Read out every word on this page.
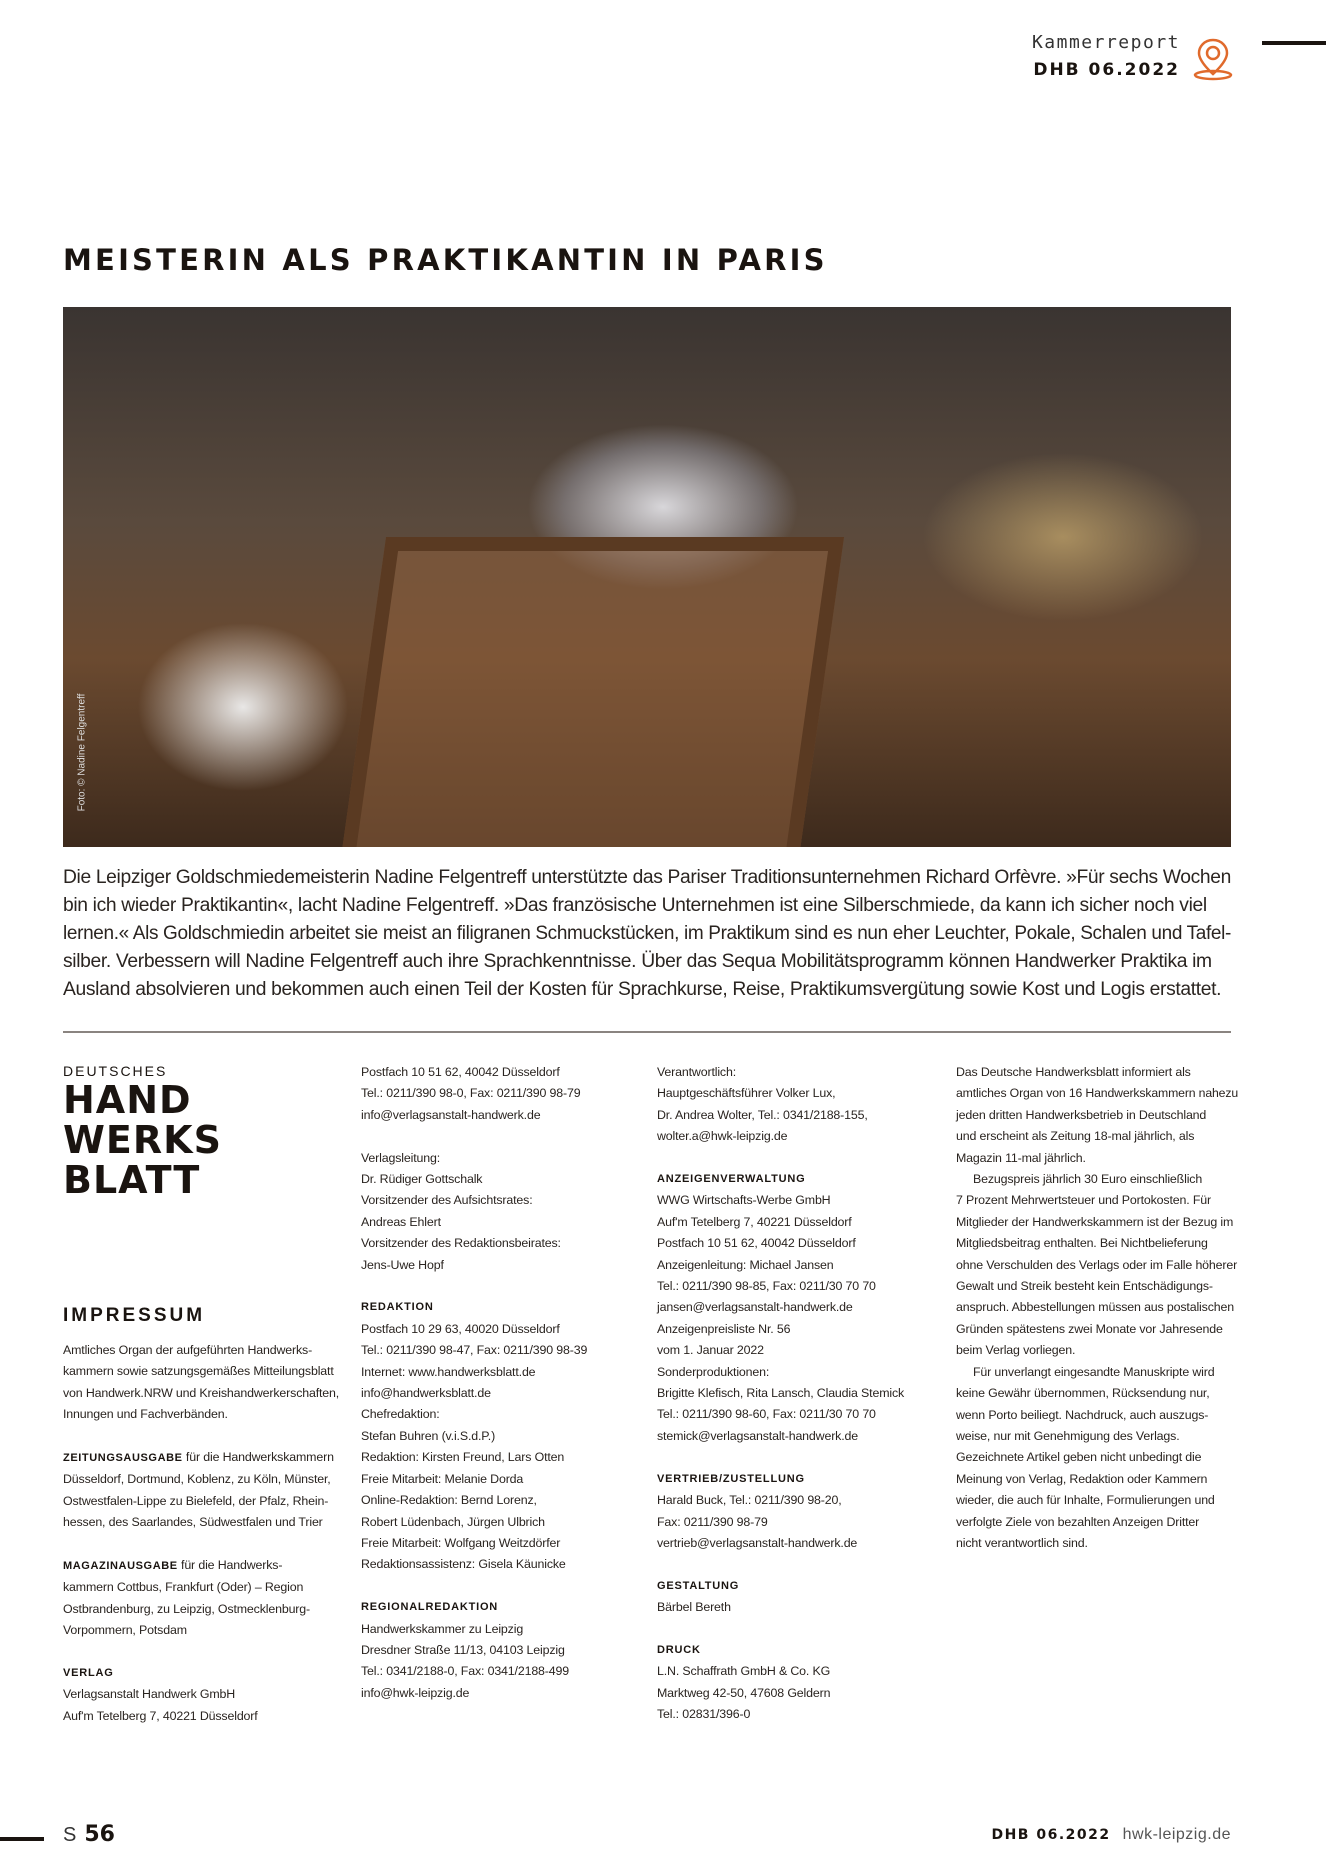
Kammerreport
DHB 06.2022
MEISTERIN ALS PRAKTIKANTIN IN PARIS
Foto: © Nadine Felgentreff
Die Leipziger Goldschmiedemeisterin Nadine Felgentreff unterstützte das Pariser Traditionsunternehmen Richard Orfèvre. »Für sechs Wochen
bin ich wieder Praktikantin«, lacht Nadine Felgentreff. »Das französische Unternehmen ist eine Silberschmiede, da kann ich sicher noch viel
lernen.« Als Goldschmiedin arbeitet sie meist an filigranen Schmuckstücken, im Praktikum sind es nun eher Leuchter, Pokale, Schalen und Tafel-
silber. Verbessern will Nadine Felgentreff auch ihre Sprachkenntnisse. Über das Sequa Mobilitätsprogramm können Handwerker Praktika im
Ausland absolvieren und bekommen auch einen Teil der Kosten für Sprachkurse, Reise, Praktikumsvergütung sowie Kost und Logis erstattet.
DEUTSCHES
HAND
WERKS
BLATT
IMPRESSUM
Amtliches Organ der aufgeführten Handwerks-
kammern sowie satzungsgemäßes Mitteilungsblatt
von Handwerk.NRW und Kreishandwerkerschaften,
Innungen und Fachverbänden.
ZEITUNGSAUSGABE für die Handwerkskammern
Düsseldorf, Dortmund, Koblenz, zu Köln, Münster,
Ostwestfalen-Lippe zu Bielefeld, der Pfalz, Rhein-
hessen, des Saarlandes, Südwestfalen und Trier
MAGAZINAUSGABE für die Handwerks-
kammern Cottbus, Frankfurt (Oder) – Region
Ostbrandenburg, zu Leipzig, Ostmecklenburg-
Vorpommern, Potsdam
VERLAG
Verlagsanstalt Handwerk GmbH
Auf'm Tetelberg 7, 40221 Düsseldorf
Postfach 10 51 62, 40042 Düsseldorf
Tel.: 0211/390 98-0, Fax: 0211/390 98-79
info@verlagsanstalt-handwerk.de
Verlagsleitung:
Dr. Rüdiger Gottschalk
Vorsitzender des Aufsichtsrates:
Andreas Ehlert
Vorsitzender des Redaktionsbeirates:
Jens-Uwe Hopf
REDAKTION
Postfach 10 29 63, 40020 Düsseldorf
Tel.: 0211/390 98-47, Fax: 0211/390 98-39
Internet: www.handwerksblatt.de
info@handwerksblatt.de
Chefredaktion:
Stefan Buhren (v.i.S.d.P.)
Redaktion: Kirsten Freund, Lars Otten
Freie Mitarbeit: Melanie Dorda
Online-Redaktion: Bernd Lorenz,
Robert Lüdenbach, Jürgen Ulbrich
Freie Mitarbeit: Wolfgang Weitzdörfer
Redaktionsassistenz: Gisela Käunicke
REGIONALREDAKTION
Handwerkskammer zu Leipzig
Dresdner Straße 11/13, 04103 Leipzig
Tel.: 0341/2188-0, Fax: 0341/2188-499
info@hwk-leipzig.de
Verantwortlich:
Hauptgeschäftsführer Volker Lux,
Dr. Andrea Wolter, Tel.: 0341/2188-155,
wolter.a@hwk-leipzig.de
ANZEIGENVERWALTUNG
WWG Wirtschafts-Werbe GmbH
Auf'm Tetelberg 7, 40221 Düsseldorf
Postfach 10 51 62, 40042 Düsseldorf
Anzeigenleitung: Michael Jansen
Tel.: 0211/390 98-85, Fax: 0211/30 70 70
jansen@verlagsanstalt-handwerk.de
Anzeigenpreisliste Nr. 56
vom 1. Januar 2022
Sonderproduktionen:
Brigitte Klefisch, Rita Lansch, Claudia Stemick
Tel.: 0211/390 98-60, Fax: 0211/30 70 70
stemick@verlagsanstalt-handwerk.de
VERTRIEB/ZUSTELLUNG
Harald Buck, Tel.: 0211/390 98-20,
Fax: 0211/390 98-79
vertrieb@verlagsanstalt-handwerk.de
GESTALTUNG
Bärbel Bereth
DRUCK
L.N. Schaffrath GmbH & Co. KG
Marktweg 42-50, 47608 Geldern
Tel.: 02831/396-0
Das Deutsche Handwerksblatt informiert als
amtliches Organ von 16 Handwerkskammern nahezu
jeden dritten Handwerksbetrieb in Deutschland
und erscheint als Zeitung 18-mal jährlich, als
Magazin 11-mal jährlich.
Bezugspreis jährlich 30 Euro einschließlich
7 Prozent Mehrwertsteuer und Portokosten. Für
Mitglieder der Handwerkskammern ist der Bezug im
Mitgliedsbeitrag enthalten. Bei Nichtbelieferung
ohne Verschulden des Verlags oder im Falle höherer
Gewalt und Streik besteht kein Entschädigungs-
anspruch. Abbestellungen müssen aus postalischen
Gründen spätestens zwei Monate vor Jahresende
beim Verlag vorliegen.
Für unverlangt eingesandte Manuskripte wird
keine Gewähr übernommen, Rücksendung nur,
wenn Porto beiliegt. Nachdruck, auch auszugs-
weise, nur mit Genehmigung des Verlags.
Gezeichnete Artikel geben nicht unbedingt die
Meinung von Verlag, Redaktion oder Kammern
wieder, die auch für Inhalte, Formulierungen und
verfolgte Ziele von bezahlten Anzeigen Dritter
nicht verantwortlich sind.
S 56	DHB 06.2022 hwk-leipzig.de
